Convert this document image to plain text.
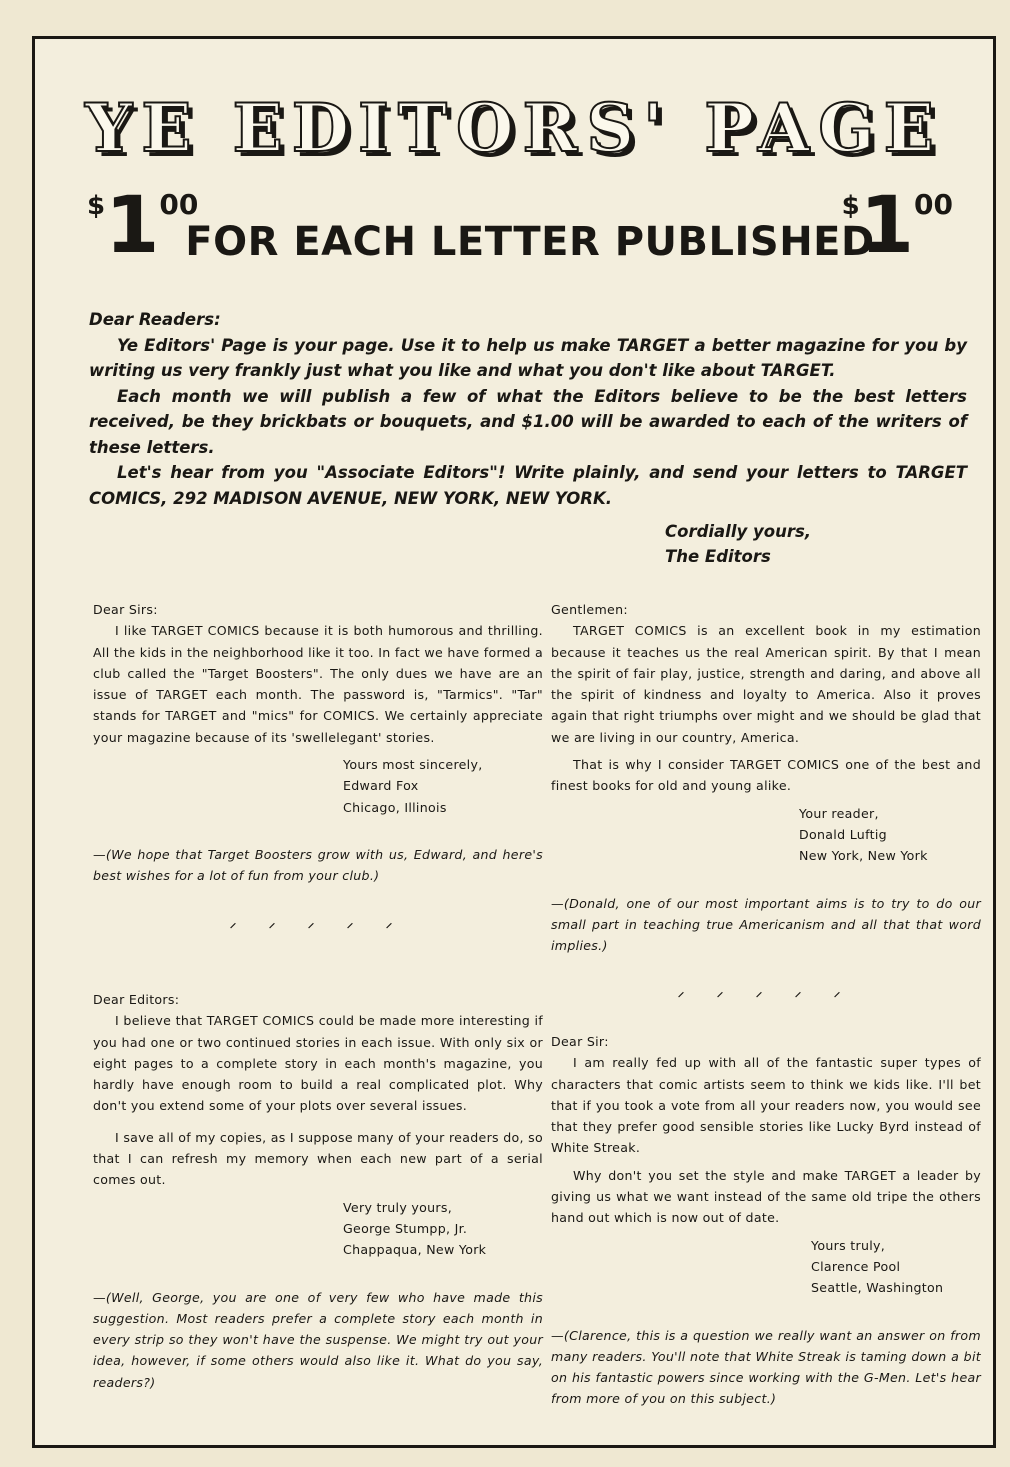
YE EDITORS' PAGE
$100
FOR EACH LETTER PUBLISHED
$100

Dear Readers:

Ye Editors' Page is your page. Use it to help us make TARGET a better magazine for you by writing us very frankly just what you like and what you don't like about TARGET.

Each month we will publish a few of what the Editors believe to be the best letters received, be they brickbats or bouquets, and $1.00 will be awarded to each of the writers of these letters.

Let's hear from you "Associate Editors"! Write plainly, and send your letters to TARGET COMICS, 292 MADISON AVENUE, NEW YORK, NEW YORK.

Cordially yours,
The Editors

Dear Sirs:

I like TARGET COMICS because it is both humorous and thrilling. All the kids in the neighborhood like it too. In fact we have formed a club called the "Target Boosters". The only dues we have are an issue of TARGET each month. The password is, "Tarmics". "Tar" stands for TARGET and "mics" for COMICS. We certainly appreciate your magazine because of its 'swellelegant' stories.

Yours most sincerely,
Edward Fox
Chicago, Illinois

—(We hope that Target Boosters grow with us, Edward, and here's best wishes for a lot of fun from your club.)

⸝ ⸝ ⸝ ⸝ ⸝

Dear Editors:

I believe that TARGET COMICS could be made more interesting if you had one or two continued stories in each issue. With only six or eight pages to a complete story in each month's magazine, you hardly have enough room to build a real complicated plot. Why don't you extend some of your plots over several issues.

I save all of my copies, as I suppose many of your readers do, so that I can refresh my memory when each new part of a serial comes out.

Very truly yours,
George Stumpp, Jr.
Chappaqua, New York

—(Well, George, you are one of very few who have made this suggestion. Most readers prefer a complete story each month in every strip so they won't have the suspense. We might try out your idea, however, if some others would also like it. What do you say, readers?)

Gentlemen:

TARGET COMICS is an excellent book in my estimation because it teaches us the real American spirit. By that I mean the spirit of fair play, justice, strength and daring, and above all the spirit of kindness and loyalty to America. Also it proves again that right triumphs over might and we should be glad that we are living in our country, America.

That is why I consider TARGET COMICS one of the best and finest books for old and young alike.

Your reader,
Donald Luftig
New York, New York

—(Donald, one of our most important aims is to try to do our small part in teaching true Americanism and all that that word implies.)

⸝ ⸝ ⸝ ⸝ ⸝

Dear Sir:

I am really fed up with all of the fantastic super types of characters that comic artists seem to think we kids like. I'll bet that if you took a vote from all your readers now, you would see that they prefer good sensible stories like Lucky Byrd instead of White Streak.

Why don't you set the style and make TARGET a leader by giving us what we want instead of the same old tripe the others hand out which is now out of date.

Yours truly,
Clarence Pool
Seattle, Washington

—(Clarence, this is a question we really want an answer on from many readers. You'll note that White Streak is taming down a bit on his fantastic powers since working with the G-Men. Let's hear from more of you on this subject.)
